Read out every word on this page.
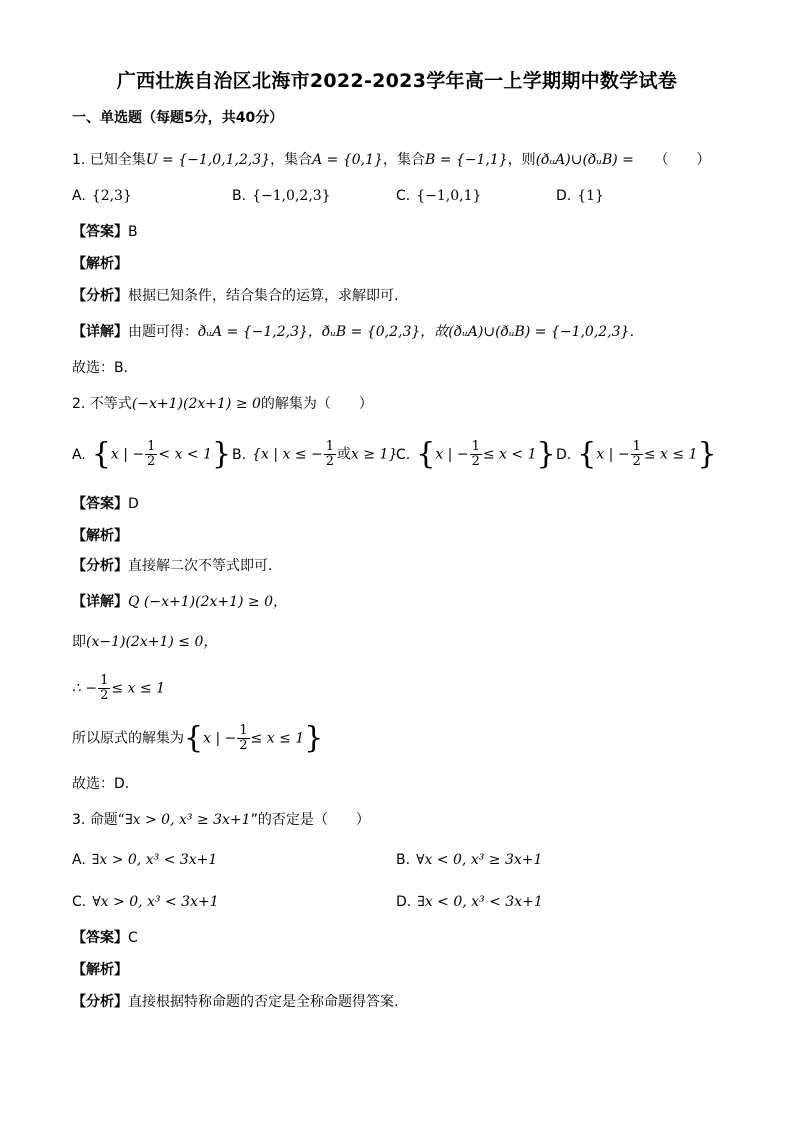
广西壮族自治区北海市2022-2023学年高一上学期期中数学试卷
一、单选题（每题5分，共40分）
1. 已知全集U = {−1,0,1,2,3}，集合A = {0,1}，集合B = {−1,1}，则(ðᵤA)∪(ðᵤB) = （　　）
A. {2,3}	B. {−1,0,2,3}	C. {−1,0,1}	D. {1}
【答案】B
【解析】
【分析】根据已知条件，结合集合的运算，求解即可.
【详解】由题可得：ðᵤA = {−1,2,3}，ðᵤB = {0,2,3}，故(ðᵤA)∪(ðᵤB) = {−1,0,2,3}．
故选：B．
2. 不等式(−x+1)(2x+1) ≥ 0的解集为（　　）
A. {x | − $\frac{1}{2} < x < 1$} B. {x | x ≤ − $\frac{1}{2}$ 或x ≥ 1}
C. {x | − $\frac{1}{2} \le x < 1$} D. {x | − $\frac{1}{2} \le x \le 1$}
【答案】D
【解析】
【分析】直接解二次不等式即可.
【详解】Q (−x+1)(2x+1) ≥ 0，
即(x−1)(2x+1) ≤ 0，
∴ − $\frac{1}{2} \le x \le 1$
所以原式的解集为{x | − $\frac{1}{2} \le x \le 1$}
故选：D.
3. 命题“∃x > 0, x³ ≥ 3x+1”的否定是（　　）
A. ∃x > 0, x³ < 3x+1	B. ∀x < 0, x³ ≥ 3x+1
C. ∀x > 0, x³ < 3x+1	D. ∃x < 0, x³ < 3x+1
【答案】C
【解析】
【分析】直接根据特称命题的否定是全称命题得答案.
